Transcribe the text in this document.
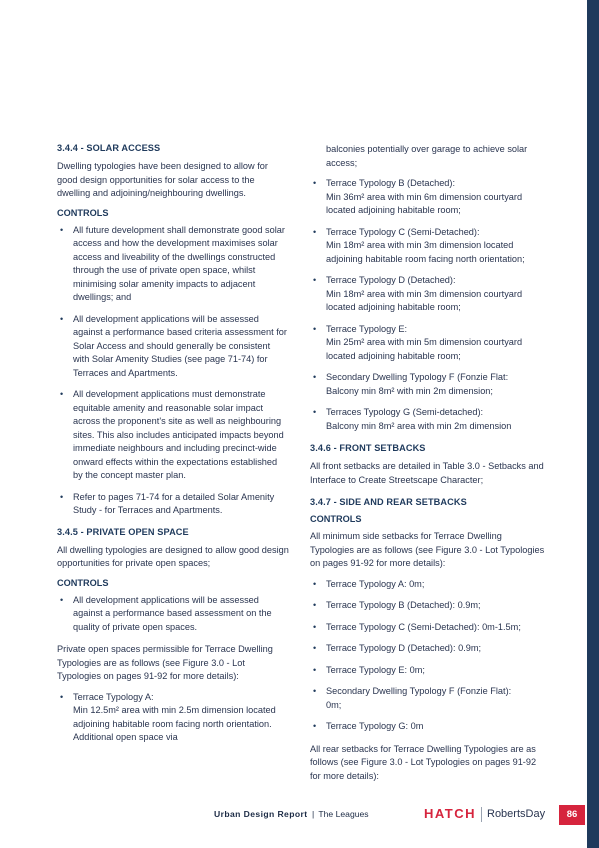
3.4.4 - SOLAR ACCESS

Dwelling typologies have been designed to allow for good design opportunities for solar access to the dwelling and adjoining/neighbouring dwellings.

CONTROLS
• All future development shall demonstrate good solar access and how the development maximises solar access and liveability of the dwellings constructed through the use of private open space, whilst minimising solar amenity impacts to adjacent dwellings; and
• All development applications will be assessed against a performance based criteria assessment for Solar Access and should generally be consistent with Solar Amenity Studies (see page 71-74) for Terraces and Apartments.
• All development applications must demonstrate equitable amenity and reasonable solar impact across the proponent's site as well as neighbouring sites. This also includes anticipated impacts beyond immediate neighbours and including precinct-wide onward effects within the expectations established by the concept master plan.
• Refer to pages 71-74 for a detailed Solar Amenity Study - for Terraces and Apartments.
3.4.5 - PRIVATE OPEN SPACE

All dwelling typologies are designed to allow good design opportunities for private open spaces;

CONTROLS
• All development applications will be assessed against a performance based assessment on the quality of private open spaces.

Private open spaces permissible for Terrace Dwelling Typologies are as follows (see Figure 3.0 - Lot Typologies on pages 91-92 for more details):

• Terrace Typology A:
Min 12.5m² area with min 2.5m dimension located adjoining habitable room facing north orientation. Additional open space via

balconies potentially over garage to achieve solar access;

• Terrace Typology B (Detached):
Min 36m² area with min 6m dimension courtyard located adjoining habitable room;
• Terrace Typology C (Semi-Detached):
Min 18m² area with min 3m dimension located adjoining habitable room facing north orientation;
• Terrace Typology D (Detached):
Min 18m² area with min 3m dimension courtyard located adjoining habitable room;
• Terrace Typology E:
Min 25m² area with min 5m dimension courtyard located adjoining habitable room;
• Secondary Dwelling Typology F (Fonzie Flat:
Balcony min 8m² with min 2m dimension;
• Terraces Typology G (Semi-detached):
Balcony min 8m² area with min 2m dimension
3.4.6 - FRONT SETBACKS

All front setbacks are detailed in Table 3.0 - Setbacks and Interface to Create Streetscape Character;

3.4.7 - SIDE AND REAR SETBACKS
CONTROLS

All minimum side setbacks for Terrace Dwelling Typologies are as follows (see Figure 3.0 - Lot Typologies on pages 91-92 for more details):

• Terrace Typology A: 0m;
• Terrace Typology B (Detached): 0.9m;
• Terrace Typology C (Semi-Detached): 0m-1.5m;
• Terrace Typology D (Detached): 0.9m;
• Terrace Typology E: 0m;
• Secondary Dwelling Typology F (Fonzie Flat):
0m;
• Terrace Typology G: 0m

All rear setbacks for Terrace Dwelling Typologies are as follows (see Figure 3.0 - Lot Typologies on pages 91-92 for more details):

Urban Design Report | The Leagues	HATCH RobertsDay	86
